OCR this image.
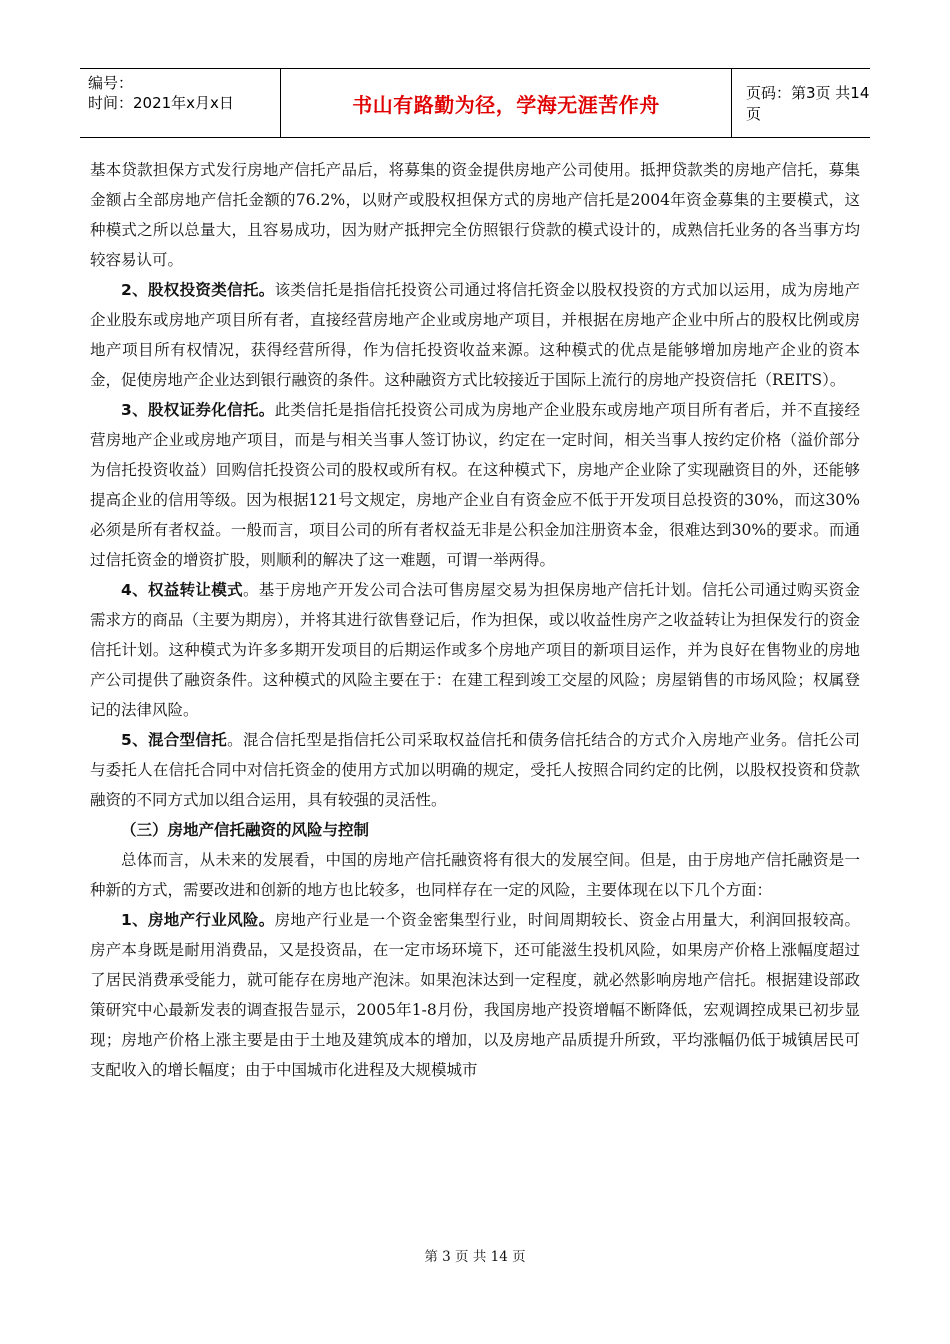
编号：
时间：2021年x月x日	书山有路勤为径，学海无涯苦作舟	页码：第3页 共14页

基本贷款担保方式发行房地产信托产品后，将募集的资金提供房地产公司使用。抵押贷款类的房地产信托，募集金额占全部房地产信托金额的76.2%，以财产或股权担保方式的房地产信托是2004年资金募集的主要模式，这种模式之所以总量大，且容易成功，因为财产抵押完全仿照银行贷款的模式设计的，成熟信托业务的各当事方均较容易认可。

2、股权投资类信托。该类信托是指信托投资公司通过将信托资金以股权投资的方式加以运用，成为房地产企业股东或房地产项目所有者，直接经营房地产企业或房地产项目，并根据在房地产企业中所占的股权比例或房地产项目所有权情况，获得经营所得，作为信托投资收益来源。这种模式的优点是能够增加房地产企业的资本金，促使房地产企业达到银行融资的条件。这种融资方式比较接近于国际上流行的房地产投资信托（REITS）。

3、股权证券化信托。此类信托是指信托投资公司成为房地产企业股东或房地产项目所有者后，并不直接经营房地产企业或房地产项目，而是与相关当事人签订协议，约定在一定时间，相关当事人按约定价格（溢价部分为信托投资收益）回购信托投资公司的股权或所有权。在这种模式下，房地产企业除了实现融资目的外，还能够提高企业的信用等级。因为根据121号文规定，房地产企业自有资金应不低于开发项目总投资的30%，而这30%必须是所有者权益。一般而言，项目公司的所有者权益无非是公积金加注册资本金，很难达到30%的要求。而通过信托资金的增资扩股，则顺利的解决了这一难题，可谓一举两得。

4、权益转让模式。基于房地产开发公司合法可售房屋交易为担保房地产信托计划。信托公司通过购买资金需求方的商品（主要为期房），并将其进行欲售登记后，作为担保，或以收益性房产之收益转让为担保发行的资金信托计划。这种模式为许多多期开发项目的后期运作或多个房地产项目的新项目运作，并为良好在售物业的房地产公司提供了融资条件。这种模式的风险主要在于：在建工程到竣工交屋的风险；房屋销售的市场风险；权属登记的法律风险。

5、混合型信托。混合信托型是指信托公司采取权益信托和债务信托结合的方式介入房地产业务。信托公司与委托人在信托合同中对信托资金的使用方式加以明确的规定，受托人按照合同约定的比例，以股权投资和贷款融资的不同方式加以组合运用，具有较强的灵活性。

（三）房地产信托融资的风险与控制

总体而言，从未来的发展看，中国的房地产信托融资将有很大的发展空间。但是，由于房地产信托融资是一种新的方式，需要改进和创新的地方也比较多，也同样存在一定的风险，主要体现在以下几个方面：

1、房地产行业风险。房地产行业是一个资金密集型行业，时间周期较长、资金占用量大，利润回报较高。房产本身既是耐用消费品，又是投资品，在一定市场环境下，还可能滋生投机风险，如果房产价格上涨幅度超过了居民消费承受能力，就可能存在房地产泡沫。如果泡沫达到一定程度，就必然影响房地产信托。根据建设部政策研究中心最新发表的调查报告显示，2005年1-8月份，我国房地产投资增幅不断降低，宏观调控成果已初步显现；房地产价格上涨主要是由于土地及建筑成本的增加，以及房地产品质提升所致，平均涨幅仍低于城镇居民可支配收入的增长幅度；由于中国城市化进程及大规模城市

第 3 页 共 14 页
